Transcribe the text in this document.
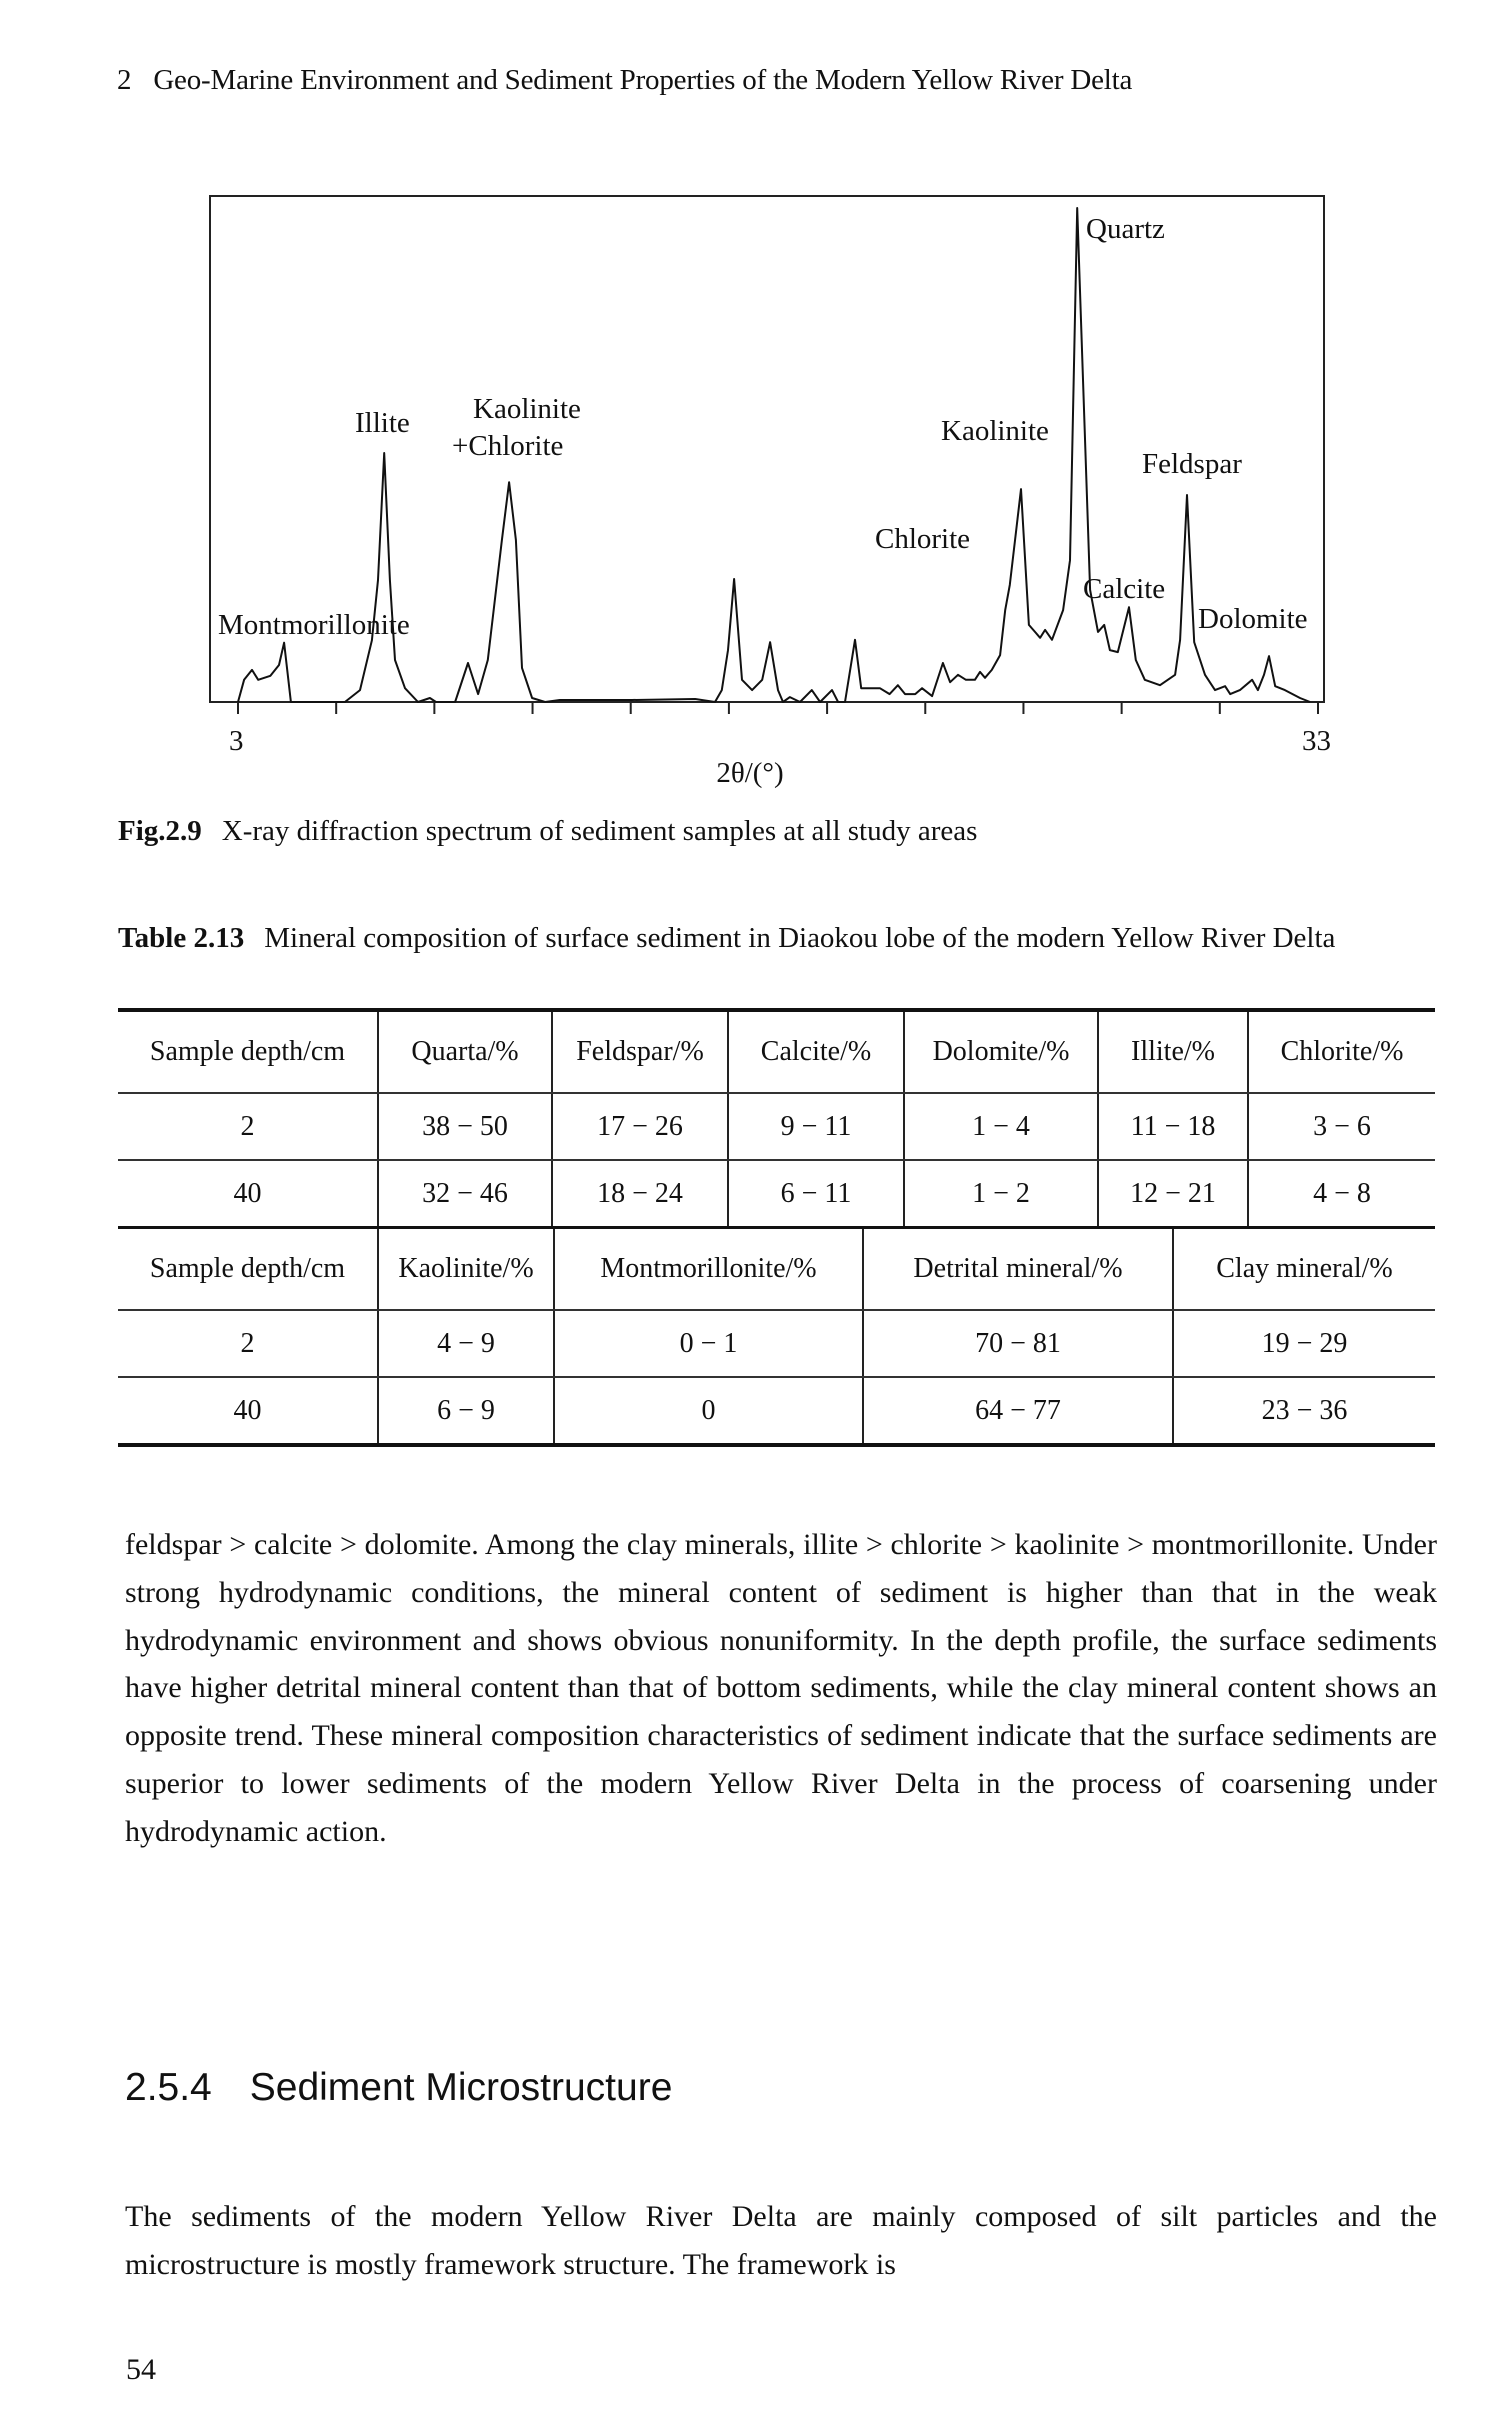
2 Geo-Marine Environment and Sediment Properties of the Modern Yellow River Delta
Quartz
Illite Kaolinite
+Chlorite	Kaolinite
Feldspar
Chlorite
Calcite
Dolomite
Montmorillonite
3	33
2θ/(°)
Fig.2.9 X-ray diffraction spectrum of sediment samples at all study areas
Table 2.13 Mineral composition of surface sediment in Diaokou lobe of the modern Yellow River Delta
Sample depth/cm	Quarta/%	Feldspar/%	Calcite/%	Dolomite/%	Illite/%	Chlorite/%
2	38 − 50	17 − 26	9 − 11	1 − 4	11 − 18	3 − 6
40	32 − 46	18 − 24	6 − 11	1 − 2	12 − 21	4 − 8
Sample depth/cm	Kaolinite/%	Montmorillonite/%	Detrital mineral/%	Clay mineral/%
2	4 − 9	0 − 1	70 − 81	19 − 29
40	6 − 9	0	64 − 77	23 − 36

feldspar > calcite > dolomite. Among the clay minerals, illite > chlorite > kaolinite > montmorillonite. Under strong hydrodynamic conditions, the mineral content of sediment is higher than that in the weak hydrodynamic environment and shows obvious nonuniformity. In the depth profile, the surface sediments have higher detrital mineral content than that of bottom sediments, while the clay mineral content shows an opposite trend. These mineral composition characteristics of sediment indicate that the surface sediments are superior to lower sediments of the modern Yellow River Delta in the process of coarsening under hydrodynamic action.

2.5.4 Sediment Microstructure

The sediments of the modern Yellow River Delta are mainly composed of silt particles and the microstructure is mostly framework structure. The framework is

54
